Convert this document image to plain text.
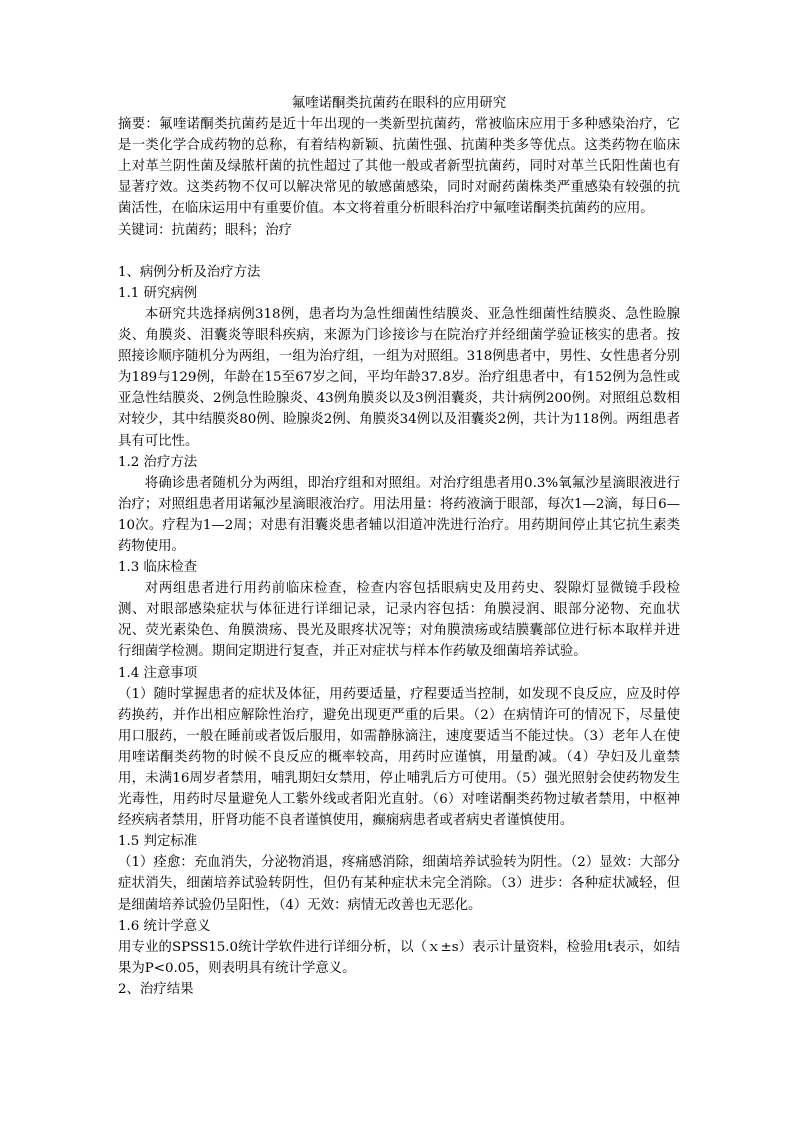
氟喹诺酮类抗菌药在眼科的应用研究

摘要：氟喹诺酮类抗菌药是近十年出现的一类新型抗菌药，常被临床应用于多种感染治疗，它是一类化学合成药物的总称，有着结构新颖、抗菌性强、抗菌种类多等优点。这类药物在临床上对革兰阴性菌及绿脓杆菌的抗性超过了其他一般或者新型抗菌药，同时对革兰氏阳性菌也有显著疗效。这类药物不仅可以解决常见的敏感菌感染，同时对耐药菌株类严重感染有较强的抗菌活性，在临床运用中有重要价值。本文将着重分析眼科治疗中氟喹诺酮类抗菌药的应用。

关键词：抗菌药；眼科；治疗

1、病例分析及治疗方法

1.1 研究病例

本研究共选择病例318例，患者均为急性细菌性结膜炎、亚急性细菌性结膜炎、急性睑腺炎、角膜炎、泪囊炎等眼科疾病，来源为门诊接诊与在院治疗并经细菌学验证核实的患者。按照接诊顺序随机分为两组，一组为治疗组，一组为对照组。318例患者中，男性、女性患者分别为189与129例，年龄在15至67岁之间，平均年龄37.8岁。治疗组患者中，有152例为急性或亚急性结膜炎、2例急性睑腺炎、43例角膜炎以及3例泪囊炎，共计病例200例。对照组总数相对较少，其中结膜炎80例、睑腺炎2例、角膜炎34例以及泪囊炎2例，共计为118例。两组患者具有可比性。

1.2 治疗方法

将确诊患者随机分为两组，即治疗组和对照组。对治疗组患者用0.3%氧氟沙星滴眼液进行治疗；对照组患者用诺氟沙星滴眼液治疗。用法用量：将药液滴于眼部，每次1—2滴，每日6—10次。疗程为1—2周；对患有泪囊炎患者辅以泪道冲洗进行治疗。用药期间停止其它抗生素类药物使用。

1.3 临床检查

对两组患者进行用药前临床检查，检查内容包括眼病史及用药史、裂隙灯显微镜手段检测、对眼部感染症状与体征进行详细记录，记录内容包括：角膜浸润、眼部分泌物、充血状况、荧光素染色、角膜溃疡、畏光及眼疼状况等；对角膜溃疡或结膜囊部位进行标本取样并进行细菌学检测。期间定期进行复查，并正对症状与样本作药敏及细菌培养试验。

1.4 注意事项

（1）随时掌握患者的症状及体征，用药要适量，疗程要适当控制，如发现不良反应，应及时停药换药，并作出相应解除性治疗，避免出现更严重的后果。（2）在病情许可的情况下，尽量使用口服药，一般在睡前或者饭后服用，如需静脉滴注，速度要适当不能过快。（3）老年人在使用喹诺酮类药物的时候不良反应的概率较高，用药时应谨慎，用量酌减。（4）孕妇及儿童禁用，未满16周岁者禁用，哺乳期妇女禁用，停止哺乳后方可使用。（5）强光照射会使药物发生光毒性，用药时尽量避免人工紫外线或者阳光直射。（6）对喹诺酮类药物过敏者禁用，中枢神经疾病者禁用，肝肾功能不良者谨慎使用，癫痫病患者或者病史者谨慎使用。

1.5 判定标准

（1）痊愈：充血消失，分泌物消退，疼痛感消除，细菌培养试验转为阴性。（2）显效：大部分症状消失，细菌培养试验转阴性，但仍有某种症状未完全消除。（3）进步：各种症状减轻，但是细菌培养试验仍呈阳性，（4）无效：病情无改善也无恶化。

1.6 统计学意义

用专业的SPSS15.0统计学软件进行详细分析，以（ｘ±s）表示计量资料，检验用t表示，如结果为P<0.05，则表明具有统计学意义。

2、治疗结果
